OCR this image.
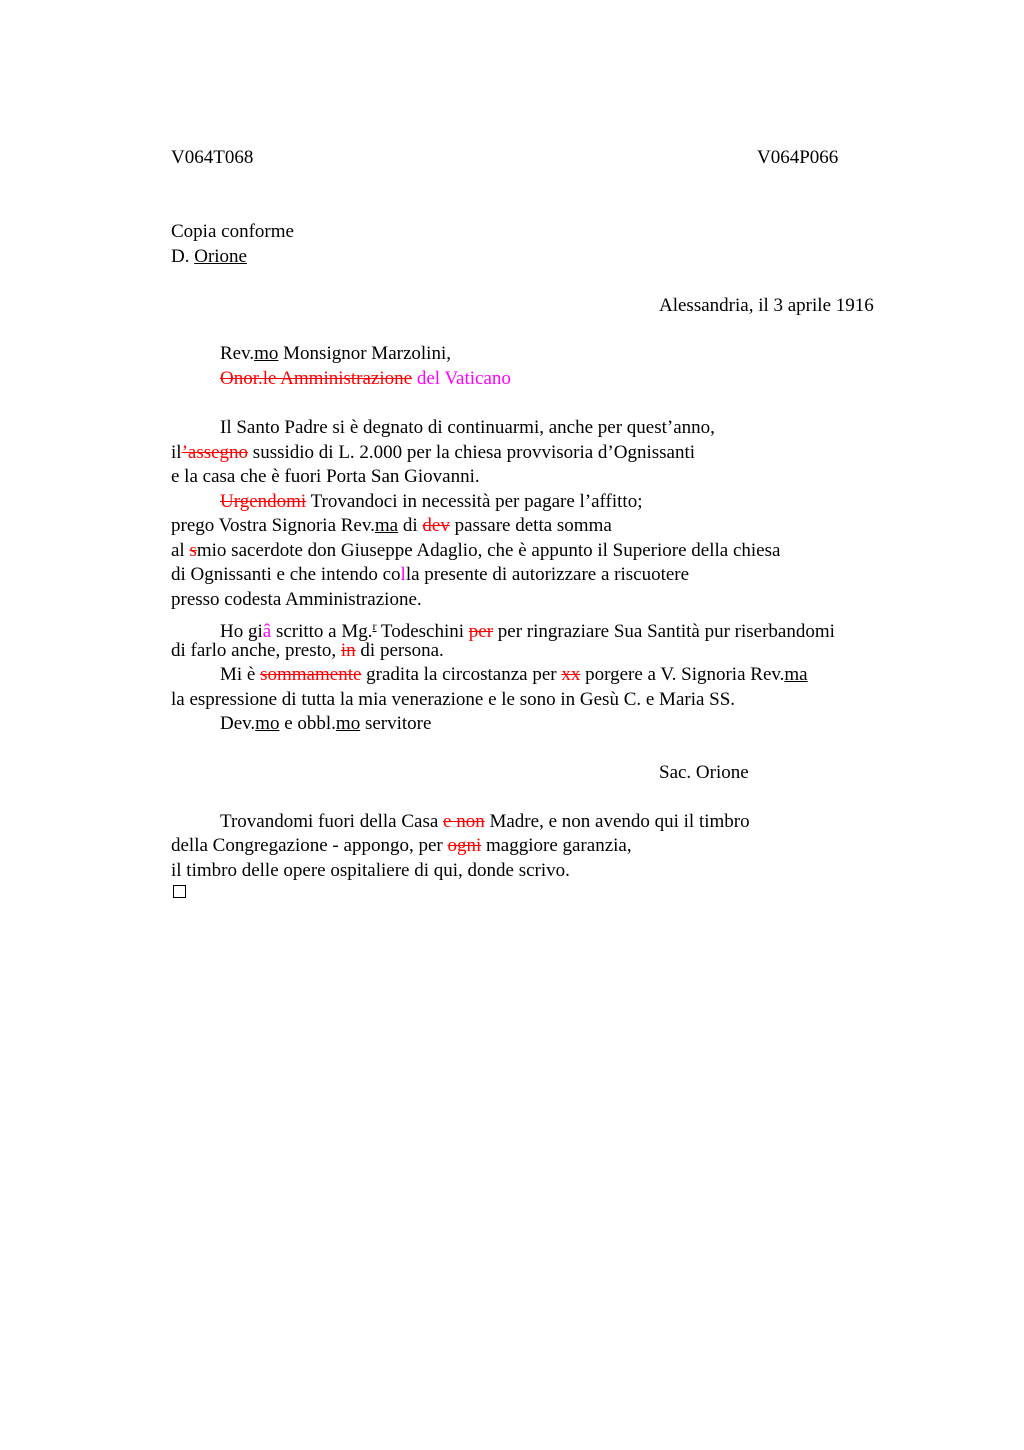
V064T068	V064P066
Copia conforme
D. Orione
Alessandria, il 3 aprile 1916
Rev.mo Monsignor Marzolini,
Onor.le Amministrazione del Vaticano
Il Santo Padre si è degnato di continuarmi, anche per quest’anno,
il’assegno sussidio di L. 2.000 per la chiesa provvisoria d’Ognissanti
e la casa che è fuori Porta San Giovanni.
Urgendomi Trovandoci in necessità per pagare l’affitto;
prego Vostra Signoria Rev.ma di dev passare detta somma
al smio sacerdote don Giuseppe Adaglio, che è appunto il Superiore della chiesa
di Ognissanti e che intendo colla presente di autorizzare a riscuotere
presso codesta Amministrazione.
Ho giâ scritto a Mg.$^r$ Todeschini per per ringraziare Sua Santità pur riserbandomi
di farlo anche, presto, in di persona.
Mi è sommamente gradita la circostanza per xx porgere a V. Signoria Rev.ma
la espressione di tutta la mia venerazione e le sono in Gesù C. e Maria SS.
Dev.mo e obbl.mo servitore
Sac. Orione
Trovandomi fuori della Casa e non Madre, e non avendo qui il timbro
della Congregazione - appongo, per ogni maggiore garanzia,
il timbro delle opere ospitaliere di qui, donde scrivo.
